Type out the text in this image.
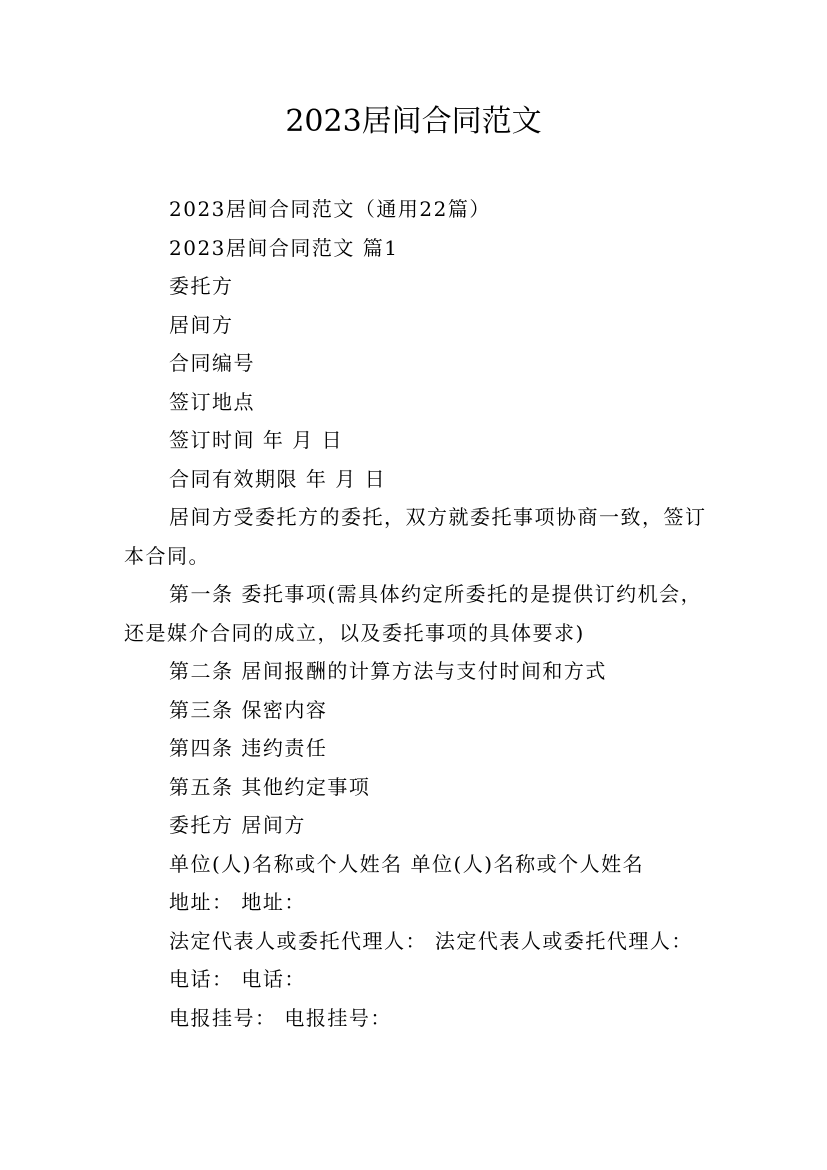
2023居间合同范文

2023居间合同范文（通用22篇）

2023居间合同范文 篇1

委托方

居间方

合同编号

签订地点

签订时间 年 月 日

合同有效期限 年 月 日

居间方受委托方的委托，双方就委托事项协商一致，签订本合同。

第一条 委托事项(需具体约定所委托的是提供订约机会，还是媒介合同的成立，以及委托事项的具体要求)

第二条 居间报酬的计算方法与支付时间和方式

第三条 保密内容

第四条 违约责任

第五条 其他约定事项

委托方 居间方

单位(人)名称或个人姓名 单位(人)名称或个人姓名

地址： 地址：

法定代表人或委托代理人： 法定代表人或委托代理人：

电话： 电话：

电报挂号： 电报挂号：
